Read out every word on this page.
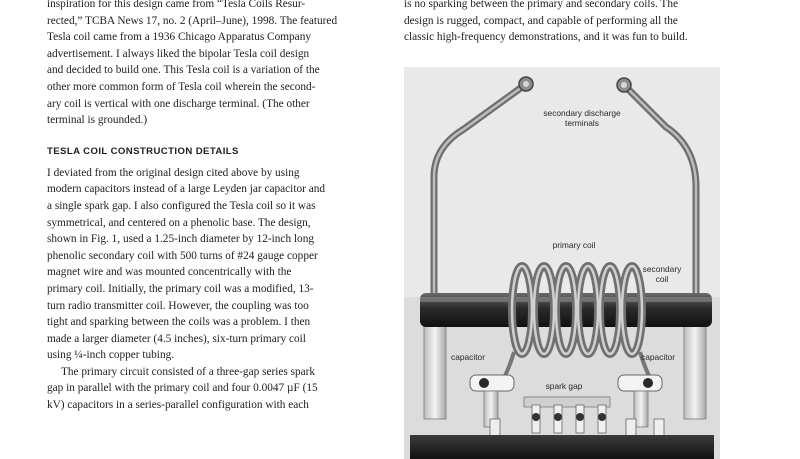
inspiration for this design came from “Tesla Coils Resur-

rected,” TCBA News 17, no. 2 (April–June), 1998. The featured

Tesla coil came from a 1936 Chicago Apparatus Company

advertisement. I always liked the bipolar Tesla coil design

and decided to build one. This Tesla coil is a variation of the

other more common form of Tesla coil wherein the second-

ary coil is vertical with one discharge terminal. (The other

terminal is grounded.)

TESLA COIL CONSTRUCTION DETAILS

I deviated from the original design cited above by using

modern capacitors instead of a large Leyden jar capacitor and

a single spark gap. I also configured the Tesla coil so it was

symmetrical, and centered on a phenolic base. The design,

shown in Fig. 1, used a 1.25-inch diameter by 12-inch long

phenolic secondary coil with 500 turns of #24 gauge copper

magnet wire and was mounted concentrically with the

primary coil. Initially, the primary coil was a modified, 13-

turn radio transmitter coil. However, the coupling was too

tight and sparking between the coils was a problem. I then

made a larger diameter (4.5 inches), six-turn primary coil

using ¼-inch copper tubing.

The primary circuit consisted of a three-gap series spark

gap in parallel with the primary coil and four 0.0047 µF (15

kV) capacitors in a series-parallel configuration with each

is no sparking between the primary and secondary coils. The

design is rugged, compact, and capable of performing all the

classic high-frequency demonstrations, and it was fun to build.

secondary discharge
terminals
primary coil
secondary
coil
capacitor	capacitor
spark gap
